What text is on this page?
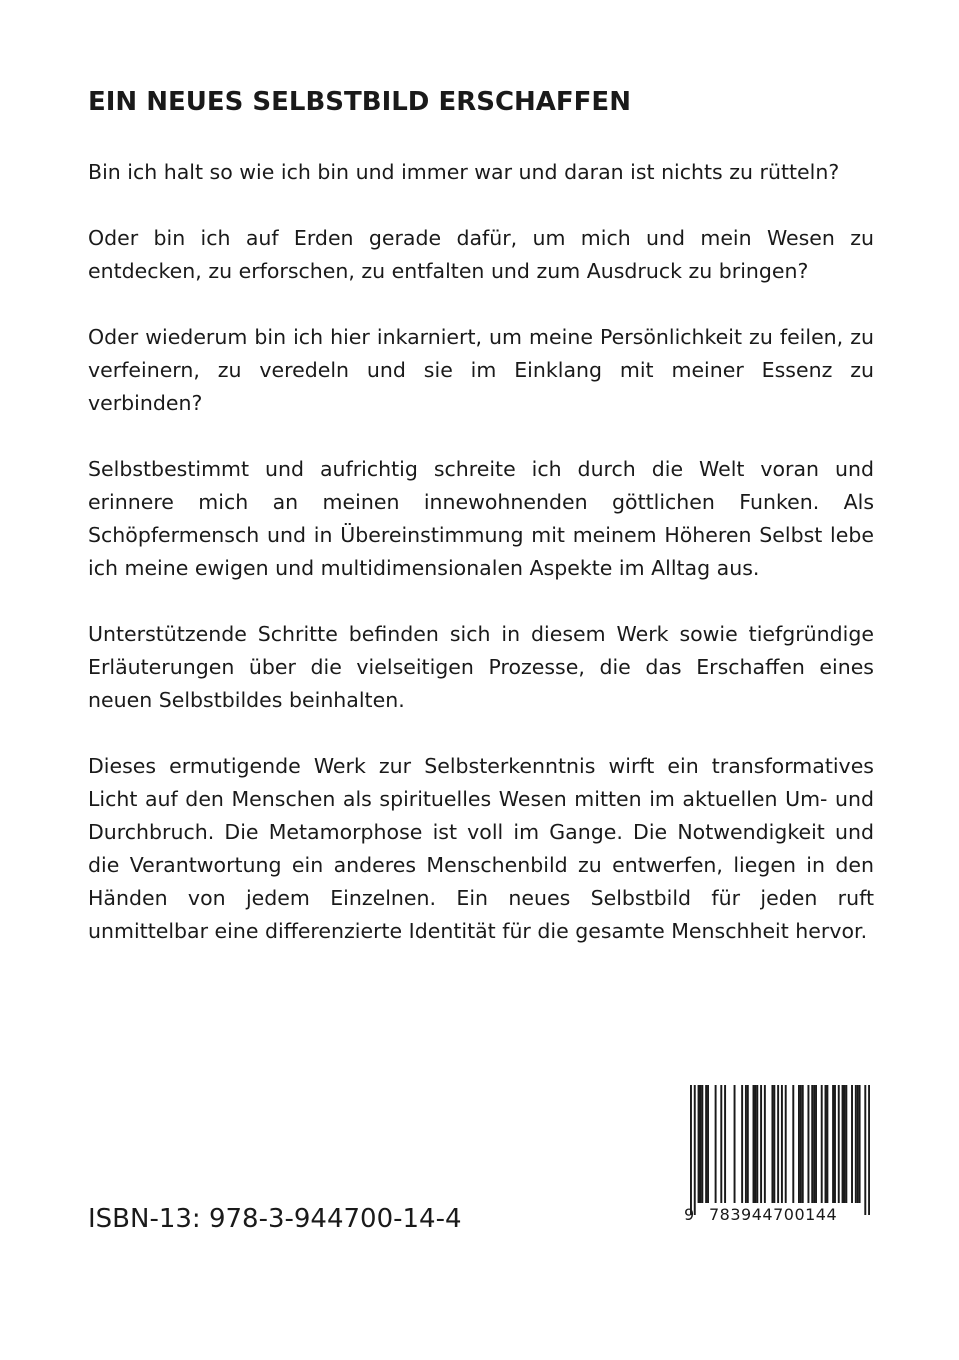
EIN NEUES SELBSTBILD ERSCHAFFEN

Bin ich halt so wie ich bin und immer war und daran ist nichts zu rütteln?

Oder bin ich auf Erden gerade dafür, um mich und mein Wesen zu entdecken, zu erforschen, zu entfalten und zum Ausdruck zu bringen?

Oder wiederum bin ich hier inkarniert, um meine Persönlichkeit zu feilen, zu verfeinern, zu veredeln und sie im Einklang mit meiner Essenz zu verbinden?

Selbstbestimmt und aufrichtig schreite ich durch die Welt voran und erinnere mich an meinen innewohnenden göttlichen Funken. Als Schöpfermensch und in Übereinstimmung mit meinem Höheren Selbst lebe ich meine ewigen und multidimensionalen Aspekte im Alltag aus.

Unterstützende Schritte befinden sich in diesem Werk sowie tiefgründige Erläuterungen über die vielseitigen Prozesse, die das Erschaffen eines neuen Selbstbildes beinhalten.

Dieses ermutigende Werk zur Selbsterkenntnis wirft ein transformatives Licht auf den Menschen als spirituelles Wesen mitten im aktuellen Um- und Durchbruch. Die Metamorphose ist voll im Gange. Die Notwendigkeit und die Verantwortung ein anderes Menschenbild zu entwerfen, liegen in den Händen von jedem Einzelnen. Ein neues Selbstbild für jeden ruft unmittelbar eine differenzierte Identität für die gesamte Menschheit hervor.

ISBN-13: 978-3-944700-14-4	9 783944700144
